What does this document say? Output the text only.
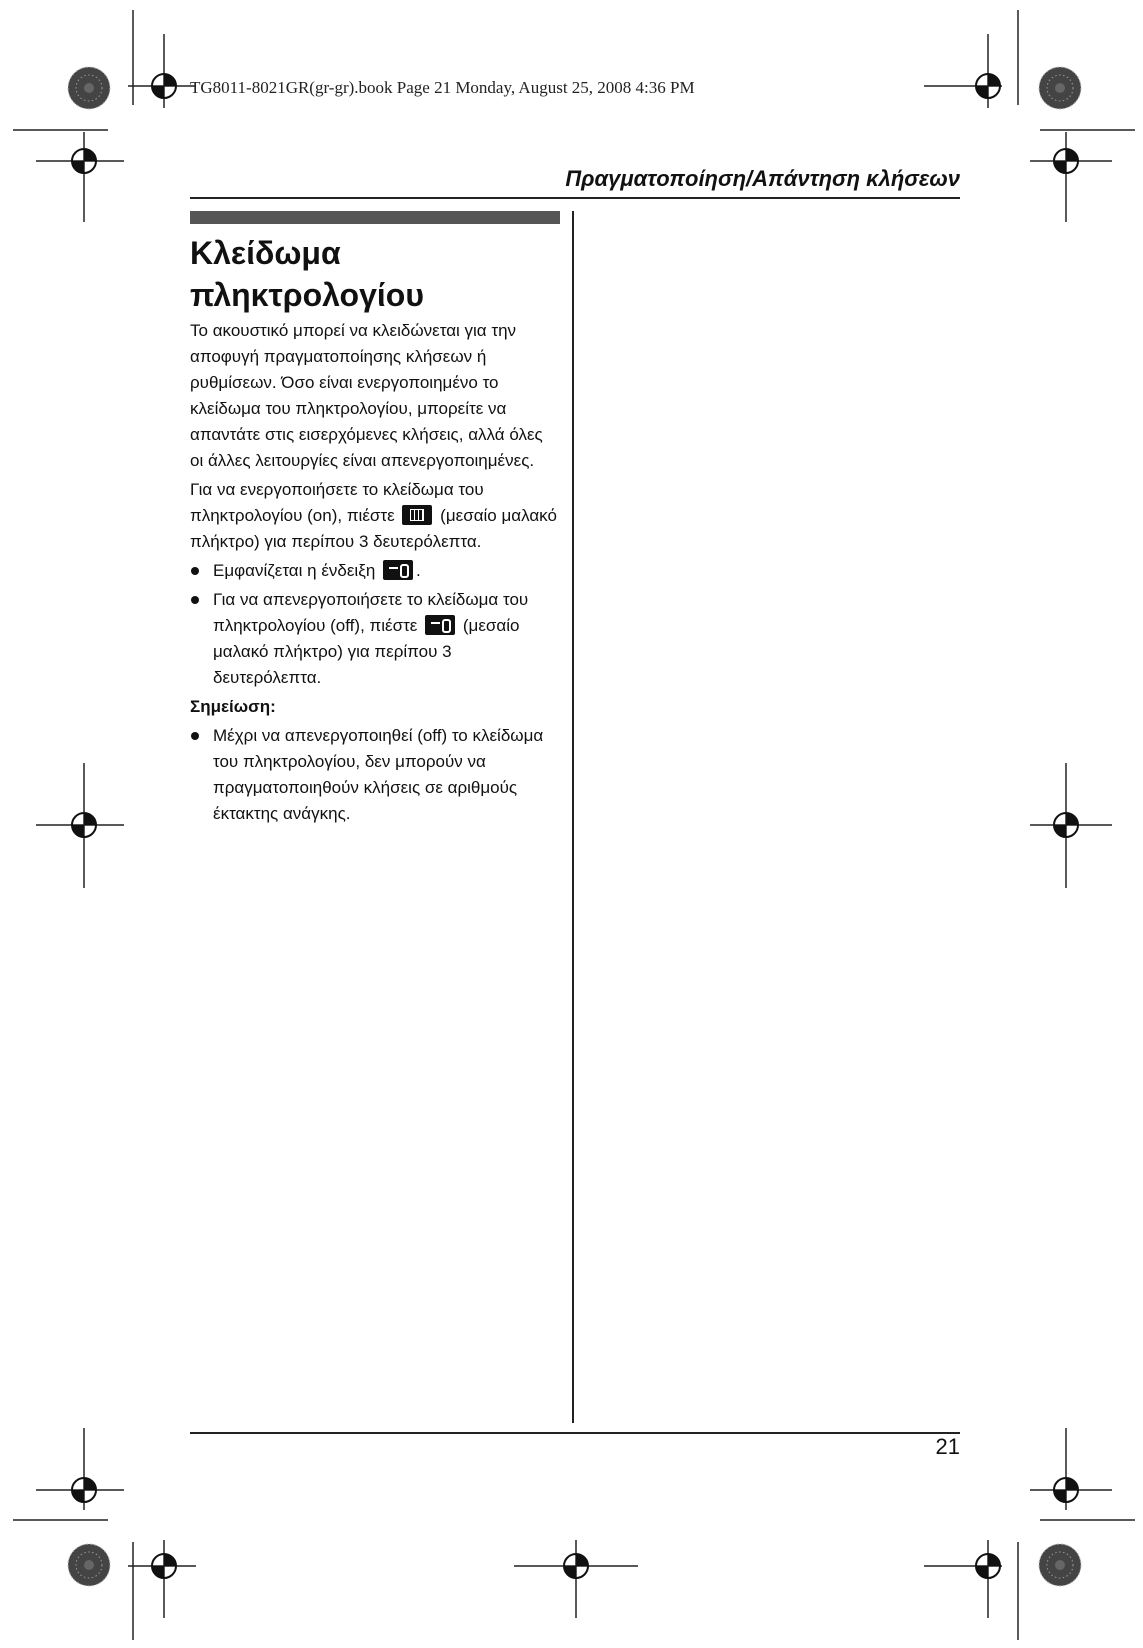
TG8011-8021GR(gr-gr).book Page 21 Monday, August 25, 2008 4:36 PM
Πραγματοποίηση/Απάντηση κλήσεων
Κλείδωμα
πληκτρολογίου

Το ακουστικό μπορεί να κλειδώνεται για την αποφυγή πραγματοποίησης κλήσεων ή ρυθμίσεων. Όσο είναι ενεργοποιημένο το κλείδωμα του πληκτρολογίου, μπορείτε να απαντάτε στις εισερχόμενες κλήσεις, αλλά όλες οι άλλες λειτουργίες είναι απενεργοποιημένες.

Για να ενεργοποιήσετε το κλείδωμα του πληκτρολογίου (on), πιέστε	(μεσαίο μαλακό πλήκτρο) για περίπου 3 δευτερόλεπτα.

Εμφανίζεται η ένδειξη .
Για να απενεργοποιήσετε το κλείδωμα του πληκτρολογίου (off), πιέστε	(μεσαίο μαλακό πλήκτρο) για περίπου 3 δευτερόλεπτα.
Σημείωση:
Μέχρι να απενεργοποιηθεί (off) το κλείδωμα του πληκτρολογίου, δεν μπορούν να πραγματοποιηθούν κλήσεις σε αριθμούς έκτακτης ανάγκης.
21
